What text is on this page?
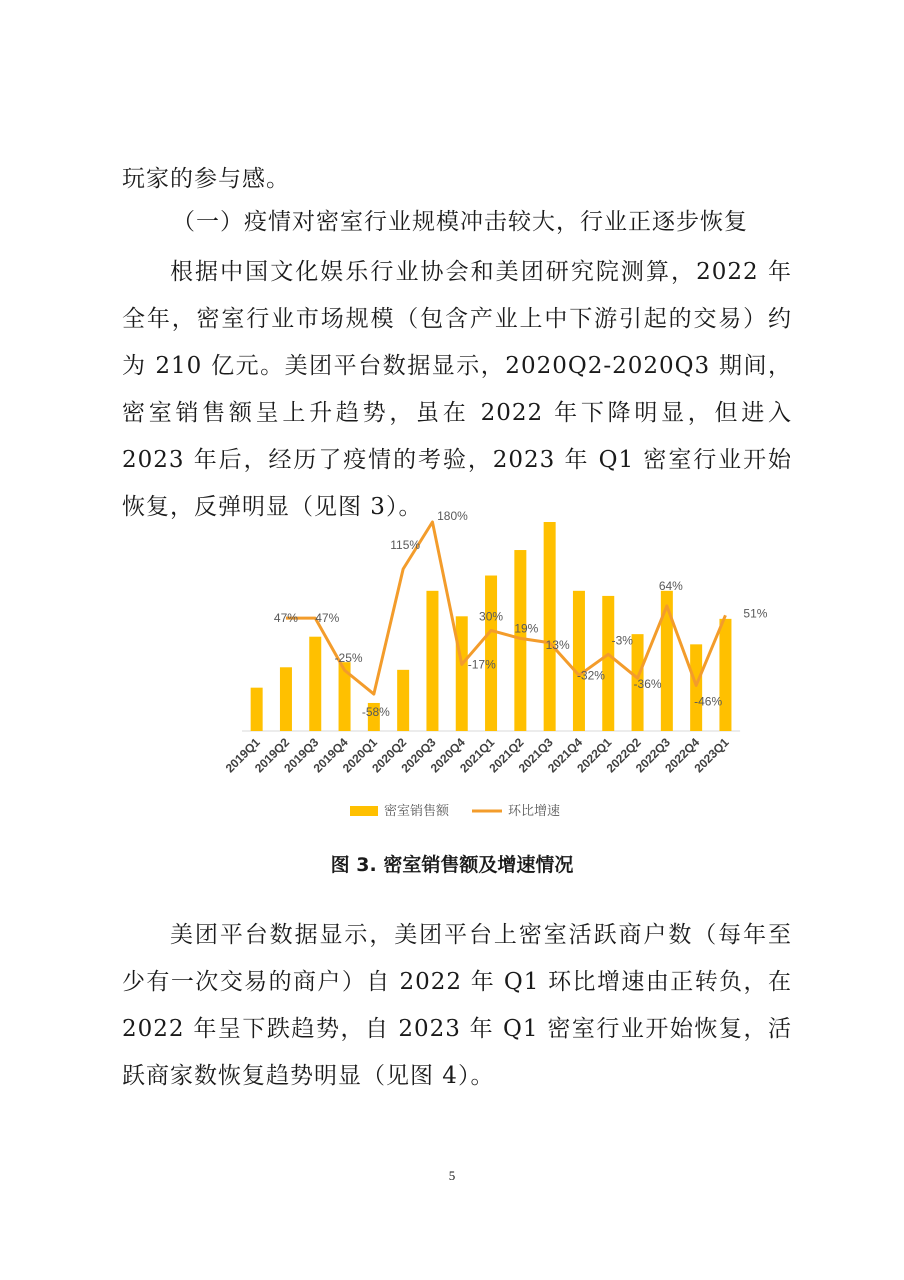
玩家的参与感。

（一）疫情对密室行业规模冲击较大，行业正逐步恢复

根据中国文化娱乐行业协会和美团研究院测算，2022 年全年，密室行业市场规模（包含产业上中下游引起的交易）约为 210 亿元。美团平台数据显示，2020Q2-2020Q3 期间，密室销售额呈上升趋势，虽在 2022 年下降明显，但进入 2023 年后，经历了疫情的考验，2023 年 Q1 密室行业开始恢复，反弹明显（见图 3）。

47% 47%
-25%
-58%
115%
180%
-17%
30%
19%
13%
-32%
-3%
-36%
64%
-46%
51%
2019Q1
2019Q2
2019Q3
2019Q4
2020Q1
2020Q2
2020Q3
2020Q4
2021Q1
2021Q2
2021Q3
2021Q4
2022Q1
2022Q2
2022Q3
2022Q4
2023Q1
密室销售额	环比增速
图 3. 密室销售额及增速情况

美团平台数据显示，美团平台上密室活跃商户数（每年至少有一次交易的商户）自 2022 年 Q1 环比增速由正转负，在 2022 年呈下跌趋势，自 2023 年 Q1 密室行业开始恢复，活跃商家数恢复趋势明显（见图 4）。

5
